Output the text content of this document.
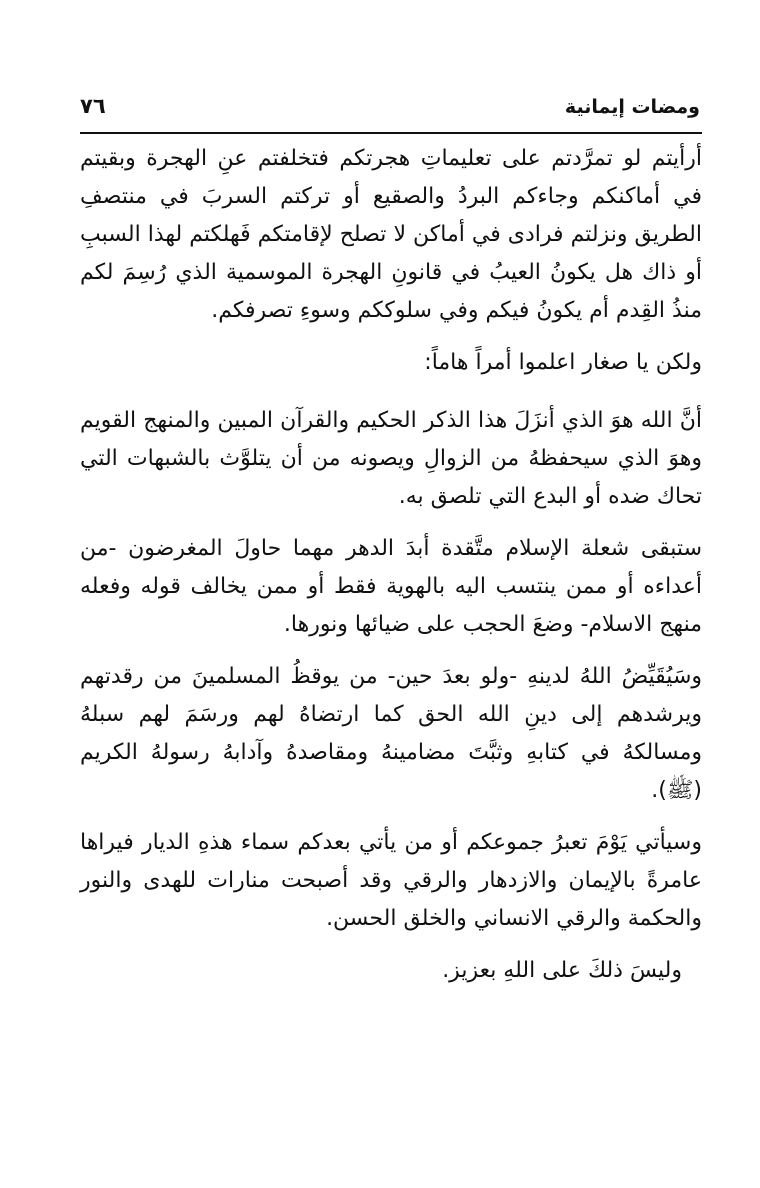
ومضات إيمانية
٧٦

أرأيتم لو تمرَّدتم على تعليماتِ هجرتكم فتخلفتم عنِ الهجرة وبقيتم في أماكنكم وجاءكم البردُ والصقيع أو تركتم السربَ في منتصفِ الطريق ونزلتم فرادى في أماكن لا تصلح لإقامتكم فَهلكتم لهذا السببِ أو ذاك هل يكونُ العيبُ في قانونِ الهجرة الموسمية الذي رُسِمَ لكم منذُ القِدم أم يكونُ فيكم وفي سلوككم وسوءِ تصرفكم.

ولكن يا صغار اعلموا أمراً هاماً:

أنَّ الله هوَ الذي أنزَلَ هذا الذكر الحكيم والقرآن المبين والمنهج القويم وهوَ الذي سيحفظهُ من الزوالِ ويصونه من أن يتلوَّث بالشبهات التي تحاك ضده أو البدع التي تلصق به.

ستبقى شعلة الإسلام متَّقدة أبدَ الدهر مهما حاولَ المغرضون -من أعداءه أو ممن ينتسب اليه بالهوية فقط أو ممن يخالف قوله وفعله منهج الاسلام- وضعَ الحجب على ضيائها ونورها.

وسَيُقَيِّضُ اللهُ لدينهِ -ولو بعدَ حين- من يوقظُ المسلمينَ من رقدتهم ويرشدهم إلى دينِ الله الحق كما ارتضاهُ لهم ورسَمَ لهم سبلهُ ومسالكهُ في كتابهِ وثبَّتَ مضامينهُ ومقاصدهُ وآدابهُ رسولهُ الكريم (ﷺ).

وسيأتي يَوْمَ تعبرُ جموعكم أو من يأتي بعدكم سماء هذهِ الديار فيراها عامرةً بالإيمان والازدهار والرقي وقد أصبحت منارات للهدى والنور والحكمة والرقي الانساني والخلق الحسن.

وليسَ ذلكَ على اللهِ بعزيز.
